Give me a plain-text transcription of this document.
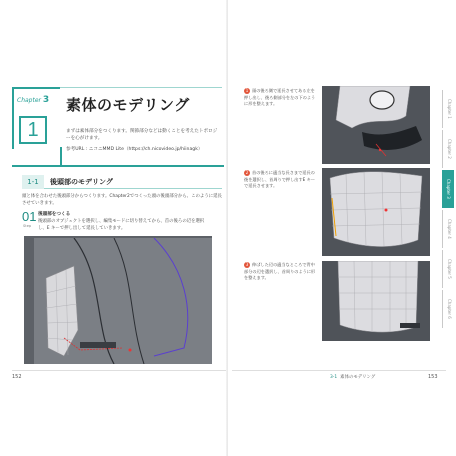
Chapter 3
1
素体のモデリング
まずは素体部分をつくります。関節部分などは動くことを考えたトポロジーを心がけます。
参考URL : ニコニMMD Lite（https://ch.nicovideo.jp/hiinagk）
1-1	後頭部のモデリング
頭と体を合わせた後頭部分からつくります。Chapter2でつくった頭の後頭部分から、このように延長させていきます。
01
Step
後頭部をつくる
後頭部のオブジェクトを選択し、編集モードに切り替えてから、首の後ろの辺を選択し、E キーで押し出して延長していきます。
152
1 頭の後ろ側で延長させてある左を押し出し、後ろ側部分を左の下のように形を整えます。
2 首の後ろに適当な長さまで延長の後を選択し、首周りで押し出すE キーで延長させます。
3 伸ばした辺の適当なところで背中部分の辺を選択し、首周りのように形を整えます。
Chapter 1
Chapter 2
Chapter 3
Chapter 4
Chapter 5
Chapter 6
3-1 素体のモデリング	153
